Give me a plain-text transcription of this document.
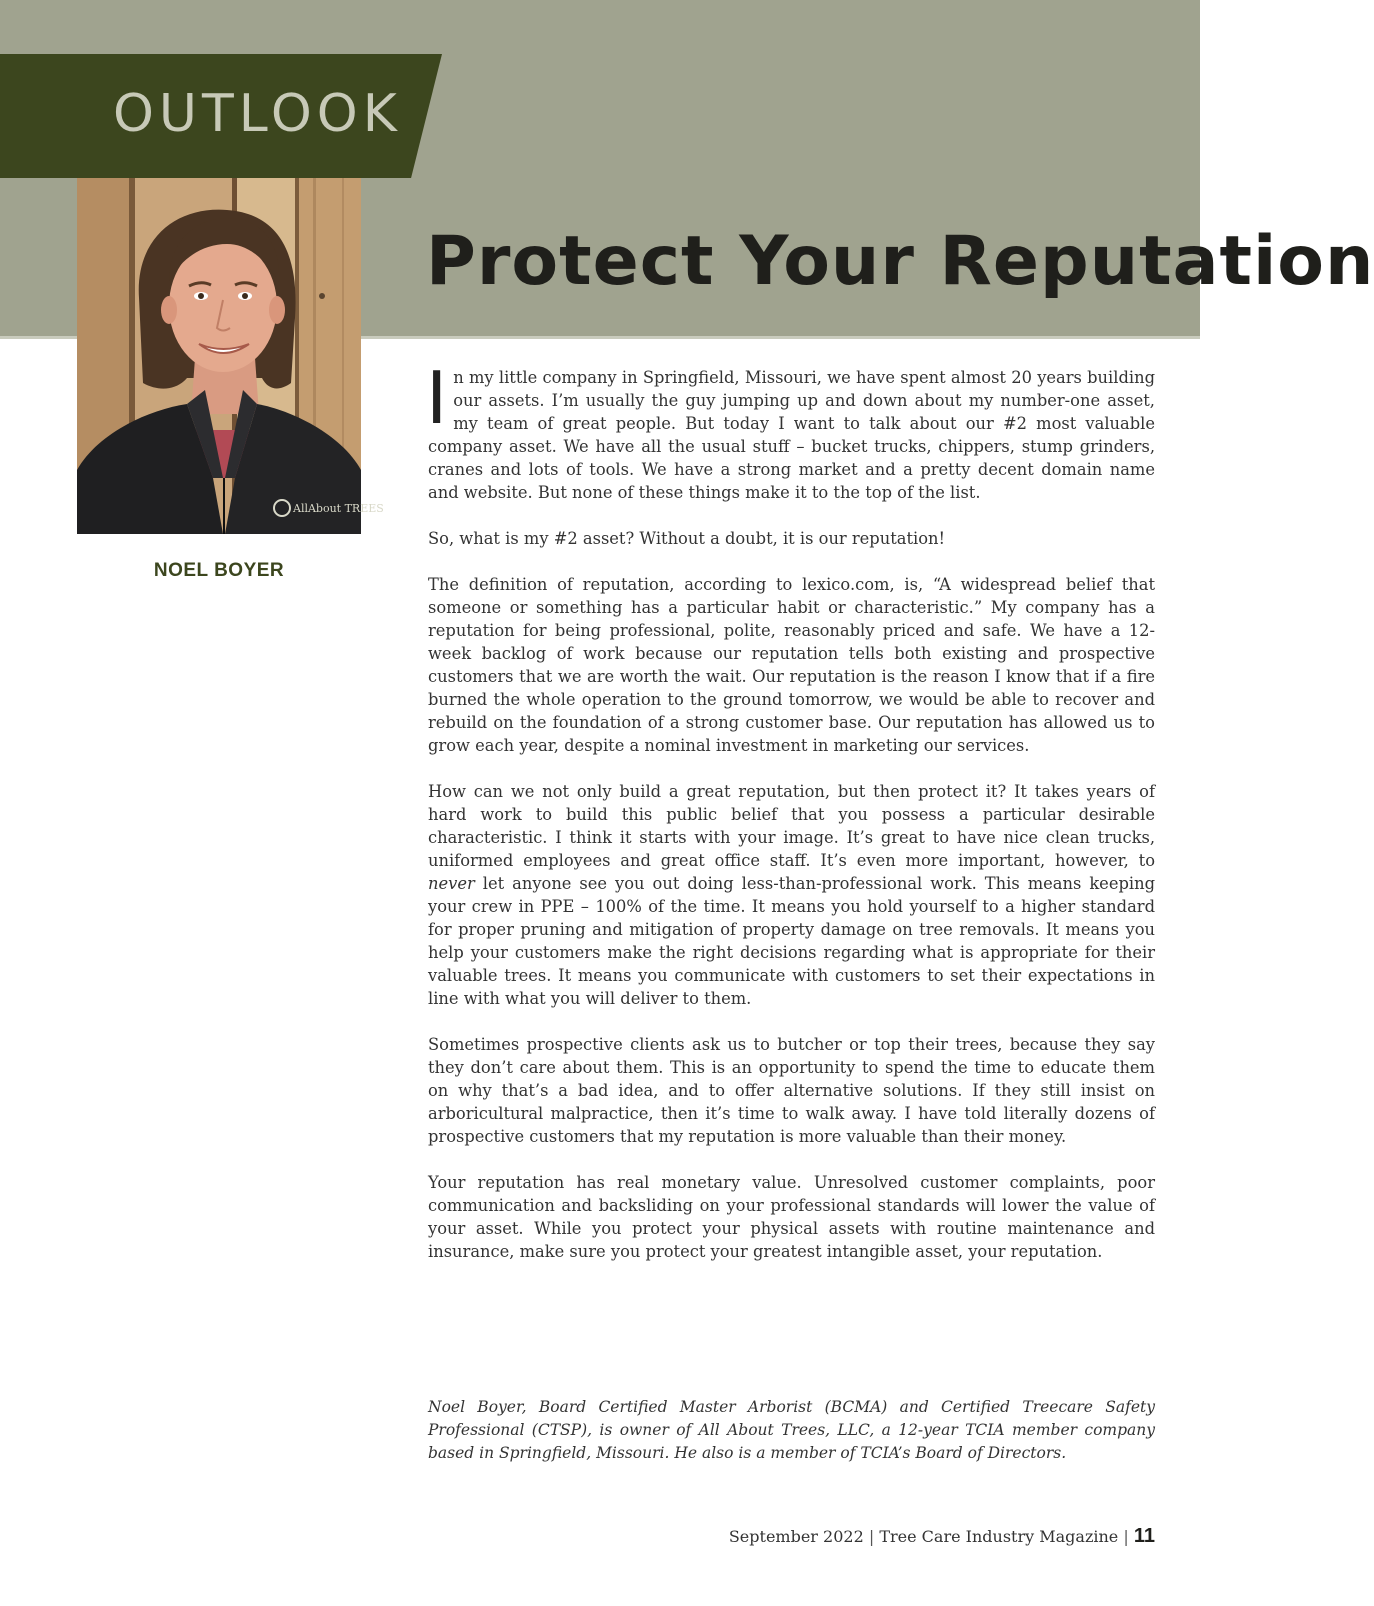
OUTLOOK
Protect Your Reputation
AllAbout TREES
NOEL BOYER

In my little company in Springfield, Missouri, we have spent almost 20 years building our assets. I’m usually the guy jumping up and down about my number-one asset, my team of great people. But today I want to talk about our #2 most valuable company asset. We have all the usual stuff – bucket trucks, chippers, stump grinders, cranes and lots of tools. We have a strong market and a pretty decent domain name and website. But none of these things make it to the top of the list.

So, what is my #2 asset? Without a doubt, it is our reputation!

The definition of reputation, according to lexico.com, is, “A widespread belief that someone or something has a particular habit or characteristic.” My company has a reputation for being professional, polite, reasonably priced and safe. We have a 12-week backlog of work because our reputation tells both existing and prospective customers that we are worth the wait. Our reputation is the reason I know that if a fire burned the whole operation to the ground tomorrow, we would be able to recover and rebuild on the foundation of a strong customer base. Our reputation has allowed us to grow each year, despite a nominal investment in marketing our services.

How can we not only build a great reputation, but then protect it? It takes years of hard work to build this public belief that you possess a particular desirable characteristic. I think it starts with your image. It’s great to have nice clean trucks, uniformed employees and great office staff. It’s even more important, however, to never let anyone see you out doing less-than-professional work. This means keeping your crew in PPE – 100% of the time. It means you hold yourself to a higher standard for proper pruning and mitigation of property damage on tree removals. It means you help your customers make the right decisions regarding what is appropriate for their valuable trees. It means you communicate with customers to set their expectations in line with what you will deliver to them.

Sometimes prospective clients ask us to butcher or top their trees, because they say they don’t care about them. This is an opportunity to spend the time to educate them on why that’s a bad idea, and to offer alternative solutions. If they still insist on arboricultural malpractice, then it’s time to walk away. I have told literally dozens of prospective customers that my reputation is more valuable than their money.

Your reputation has real monetary value. Unresolved customer complaints, poor communication and backsliding on your professional standards will lower the value of your asset. While you protect your physical assets with routine maintenance and insurance, make sure you protect your greatest intangible asset, your reputation.

Noel Boyer, Board Certified Master Arborist (BCMA) and Certified Treecare Safety Professional (CTSP), is owner of All About Trees, LLC, a 12-year TCIA member company based in Springfield, Missouri. He also is a member of TCIA’s Board of Directors.

September 2022 | Tree Care Industry Magazine | 11
